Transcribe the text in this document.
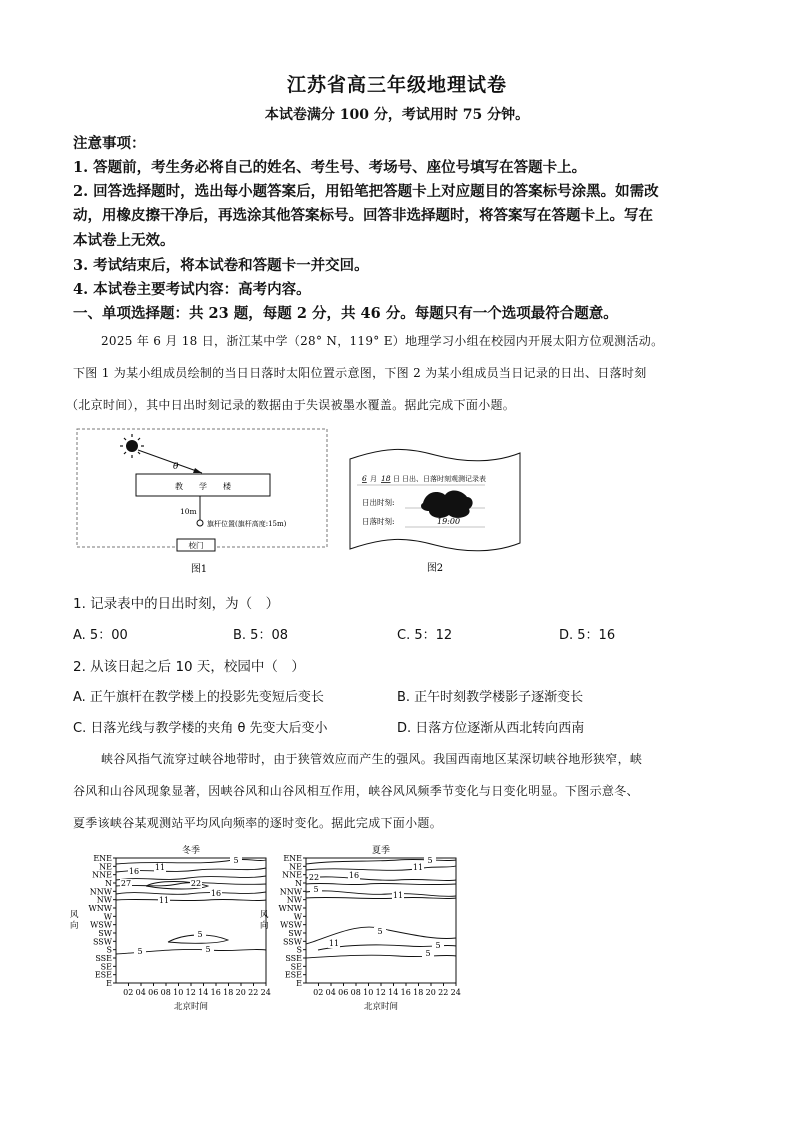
江苏省高三年级地理试卷
本试卷满分 100 分，考试用时 75 分钟。
注意事项：
1. 答题前，考生务必将自己的姓名、考生号、考场号、座位号填写在答题卡上。
2. 回答选择题时，选出每小题答案后，用铅笔把答题卡上对应题目的答案标号涂黑。如需改
动，用橡皮擦干净后，再选涂其他答案标号。回答非选择题时，将答案写在答题卡上。写在
本试卷上无效。
3. 考试结束后，将本试卷和答题卡一并交回。
4. 本试卷主要考试内容：高考内容。
一、单项选择题：共 23 题，每题 2 分，共 46 分。每题只有一个选项最符合题意。
2025 年 6 月 18 日，浙江某中学（28° N，119° E）地理学习小组在校园内开展太阳方位观测活动。
下图 1 为某小组成员绘制的当日日落时太阳位置示意图，下图 2 为某小组成员当日记录的日出、日落时刻
（北京时间），其中日出时刻记录的数据由于失误被墨水覆盖。据此完成下面小题。
θ
教　　学　　楼
10m
旗杆位置(旗杆高度:15m)
校门
图1
6 月 18 日 日出、日落时刻观测记录表
日出时刻:
日落时刻:	19:00
图2
1. 记录表中的日出时刻，为（　）
A. 5：00	B. 5：08	C. 5：12	D. 5：16
2. 从该日起之后 10 天，校园中（　）
A. 正午旗杆在教学楼上的投影先变短后变长	B. 正午时刻教学楼影子逐渐变长
C. 日落光线与教学楼的夹角 θ 先变大后变小	D. 日落方位逐渐从西北转向西南
峡谷风指气流穿过峡谷地带时，由于狭管效应而产生的强风。我国西南地区某深切峡谷地形狭窄，峡
谷风和山谷风现象显著，因峡谷风和山谷风相互作用，峡谷风风频季节变化与日变化明显。下图示意冬、
夏季该峡谷某观测站平均风向频率的逐时变化。据此完成下面小题。
冬季
ENE
NE
NNE
N
NNW
NW
WNW
W
WSW
SW
SSW
S
SSE
SE
ESE
E
02 04 06 08 10 12 14 16 18 20 22 24
北京时间
风
向
5
11
16
27	22
16
11
5
5	5
夏季
ENE
NE
NNE
N
NNW
NW
WNW
W
WSW
SW
SSW
S
SSE
SE
ESE
E
02 04 06 08 10 12 14 16 18 20 22 24
北京时间
风
向
5
11
16
22
5
11
5
11	5
5
